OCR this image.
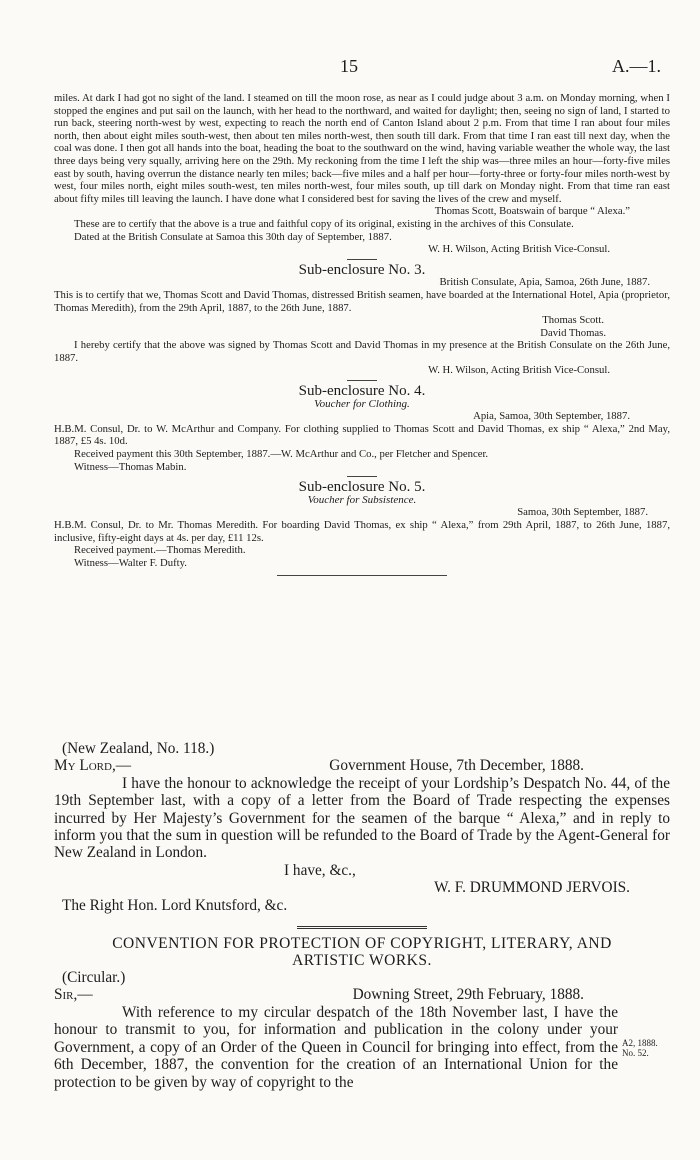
15	A.—1.

miles. At dark I had got no sight of the land. I steamed on till the moon rose, as near as I could judge about 3 a.m. on Monday morning, when I stopped the engines and put sail on the launch, with her head to the northward, and waited for daylight; then, seeing no sign of land, I started to run back, steering north-west by west, expecting to reach the north end of Canton Island about 2 p.m. From that time I ran about four miles north, then about eight miles south-west, then about ten miles north-west, then south till dark. From that time I ran east till next day, when the coal was done. I then got all hands into the boat, heading the boat to the southward on the wind, having variable weather the whole way, the last three days being very squally, arriving here on the 29th. My reckoning from the time I left the ship was—three miles an hour—forty-five miles east by south, having overrun the distance nearly ten miles; back—five miles and a half per hour—forty-three or forty-four miles north-west by west, four miles north, eight miles south-west, ten miles north-west, four miles south, up till dark on Monday night. From that time ran east about fifty miles till leaving the launch. I have done what I considered best for saving the lives of the crew and myself.

Thomas Scott, Boatswain of barque “ Alexa.”

These are to certify that the above is a true and faithful copy of its original, existing in the archives of this Consulate.

Dated at the British Consulate at Samoa this 30th day of September, 1887.

W. H. Wilson, Acting British Vice-Consul.

Sub-enclosure No. 3.

British Consulate, Apia, Samoa, 26th June, 1887.

This is to certify that we, Thomas Scott and David Thomas, distressed British seamen, have boarded at the International Hotel, Apia (proprietor, Thomas Meredith), from the 29th April, 1887, to the 26th June, 1887.

Thomas Scott.

David Thomas.

I hereby certify that the above was signed by Thomas Scott and David Thomas in my presence at the British Consulate on the 26th June, 1887.

W. H. Wilson, Acting British Vice-Consul.

Sub-enclosure No. 4.

Voucher for Clothing.

Apia, Samoa, 30th September, 1887.

H.B.M. Consul, Dr. to W. McArthur and Company. For clothing supplied to Thomas Scott and David Thomas, ex ship “ Alexa,” 2nd May, 1887, £5 4s. 10d.

Received payment this 30th September, 1887.—W. McArthur and Co., per Fletcher and Spencer.

Witness—Thomas Mabin.

Sub-enclosure No. 5.

Voucher for Subsistence.

Samoa, 30th September, 1887.

H.B.M. Consul, Dr. to Mr. Thomas Meredith. For boarding David Thomas, ex ship “ Alexa,” from 29th April, 1887, to 26th June, 1887, inclusive, fifty-eight days at 4s. per day, £11 12s.

Received payment.—Thomas Meredith.

Witness—Walter F. Dufty.

(New Zealand, No. 118.)

My Lord,—	Government House, 7th December, 1888.

I have the honour to acknowledge the receipt of your Lordship’s Despatch No. 44, of the 19th September last, with a copy of a letter from the Board of Trade respecting the expenses incurred by Her Majesty’s Government for the seamen of the barque “ Alexa,” and in reply to inform you that the sum in question will be refunded to the Board of Trade by the Agent-General for New Zealand in London.

I have, &c.,

W. F. DRUMMOND JERVOIS.

The Right Hon. Lord Knutsford, &c.

CONVENTION FOR PROTECTION OF COPYRIGHT, LITERARY, AND

ARTISTIC WORKS.

(Circular.)

Sir,—	Downing Street, 29th February, 1888.

With reference to my circular despatch of the 18th November last, I have the honour to transmit to you, for information and publication in the colony under your Government, a copy of an Order of the Queen in Council for bringing into effect, from the 6th December, 1887, the convention for the creation of an International Union for the protection to be given by way of copyright to the

A2, 1888. No. 52.
